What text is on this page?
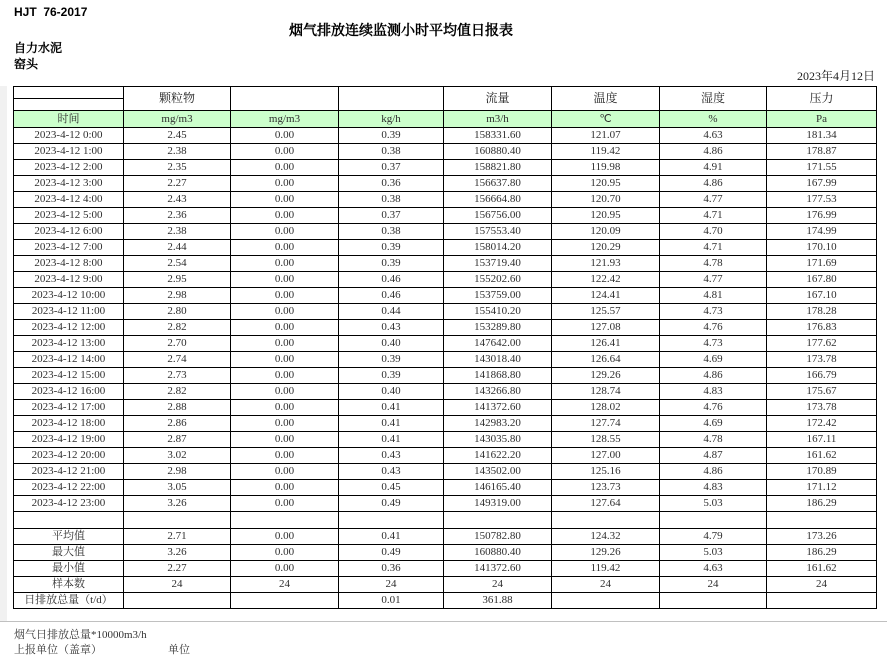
HJT  76-2017
烟气排放连续监测小时平均值日报表
自力水泥
窑头
2023年4月12日
	颗粒物			流量	温度	湿度	压力

时间	mg/m3	mg/m3	kg/h	m3/h	℃	%	Pa
2023-4-12 0:00	2.45	0.00	0.39	158331.60	121.07	4.63	181.34
2023-4-12 1:00	2.38	0.00	0.38	160880.40	119.42	4.86	178.87
2023-4-12 2:00	2.35	0.00	0.37	158821.80	119.98	4.91	171.55
2023-4-12 3:00	2.27	0.00	0.36	156637.80	120.95	4.86	167.99
2023-4-12 4:00	2.43	0.00	0.38	156664.80	120.70	4.77	177.53
2023-4-12 5:00	2.36	0.00	0.37	156756.00	120.95	4.71	176.99
2023-4-12 6:00	2.38	0.00	0.38	157553.40	120.09	4.70	174.99
2023-4-12 7:00	2.44	0.00	0.39	158014.20	120.29	4.71	170.10
2023-4-12 8:00	2.54	0.00	0.39	153719.40	121.93	4.78	171.69
2023-4-12 9:00	2.95	0.00	0.46	155202.60	122.42	4.77	167.80
2023-4-12 10:00	2.98	0.00	0.46	153759.00	124.41	4.81	167.10
2023-4-12 11:00	2.80	0.00	0.44	155410.20	125.57	4.73	178.28
2023-4-12 12:00	2.82	0.00	0.43	153289.80	127.08	4.76	176.83
2023-4-12 13:00	2.70	0.00	0.40	147642.00	126.41	4.73	177.62
2023-4-12 14:00	2.74	0.00	0.39	143018.40	126.64	4.69	173.78
2023-4-12 15:00	2.73	0.00	0.39	141868.80	129.26	4.86	166.79
2023-4-12 16:00	2.82	0.00	0.40	143266.80	128.74	4.83	175.67
2023-4-12 17:00	2.88	0.00	0.41	141372.60	128.02	4.76	173.78
2023-4-12 18:00	2.86	0.00	0.41	142983.20	127.74	4.69	172.42
2023-4-12 19:00	2.87	0.00	0.41	143035.80	128.55	4.78	167.11
2023-4-12 20:00	3.02	0.00	0.43	141622.20	127.00	4.87	161.62
2023-4-12 21:00	2.98	0.00	0.43	143502.00	125.16	4.86	170.89
2023-4-12 22:00	3.05	0.00	0.45	146165.40	123.73	4.83	171.12
2023-4-12 23:00	3.26	0.00	0.49	149319.00	127.64	5.03	186.29

平均值	2.71	0.00	0.41	150782.80	124.32	4.79	173.26
最大值	3.26	0.00	0.49	160880.40	129.26	5.03	186.29
最小值	2.27	0.00	0.36	141372.60	119.42	4.63	161.62
样本数	24	24	24	24	24	24	24
日排放总量（t/d）			0.01	361.88			
烟气日排放总量*10000m3/h
上报单位（盖章）	单位
